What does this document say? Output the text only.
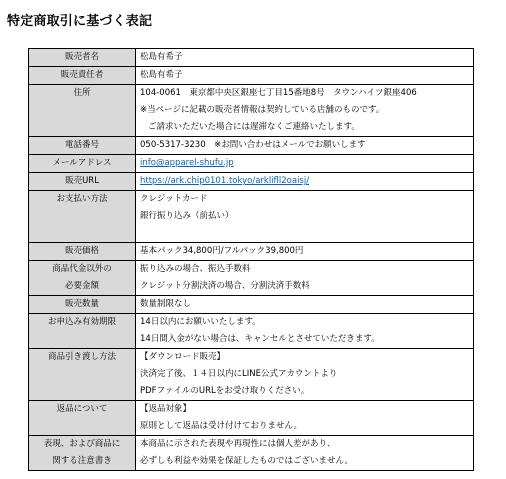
特定商取引に基づく表記
販売者名	松島有希子

販売責任者	松島有希子

住所	104-0061　東京都中央区銀座七丁目15番地8号　タウンハイツ銀座406
※当ページに記載の販売者情報は契約している店舗のものです。
ご請求いただいた場合には遅滞なくご連絡いたします。

電話番号	050-5317-3230　※お問い合わせはメールでお願いします

メールアドレス	info@apparel-shufu.jp

販売URL	https://ark.chip0101.tokyo/arklifll2oaisj/

お支払い方法	クレジットカード
銀行振り込み（前払い）

販売価格	基本パック34,800円/フルパック39,800円

商品代金以外の
必要金額	振り込みの場合、振込手数料
クレジット分割決済の場合、分割決済手数料

販売数量	数量制限なし

お申込み有効期限	14日以内にお願いいたします。
14日間入金がない場合は、キャンセルとさせていただきます。

商品引き渡し方法	【ダウンロード販売】
決済完了後、１４日以内にLINE公式アカウントより
PDFファイルのURLをお受け取りください。

返品について	【返品対象】
原則として返品は受け付けておりません。

表現、および商品に
関する注意書き	本商品に示された表現や再現性には個人差があり、
必ずしも利益や効果を保証したものではございません。
